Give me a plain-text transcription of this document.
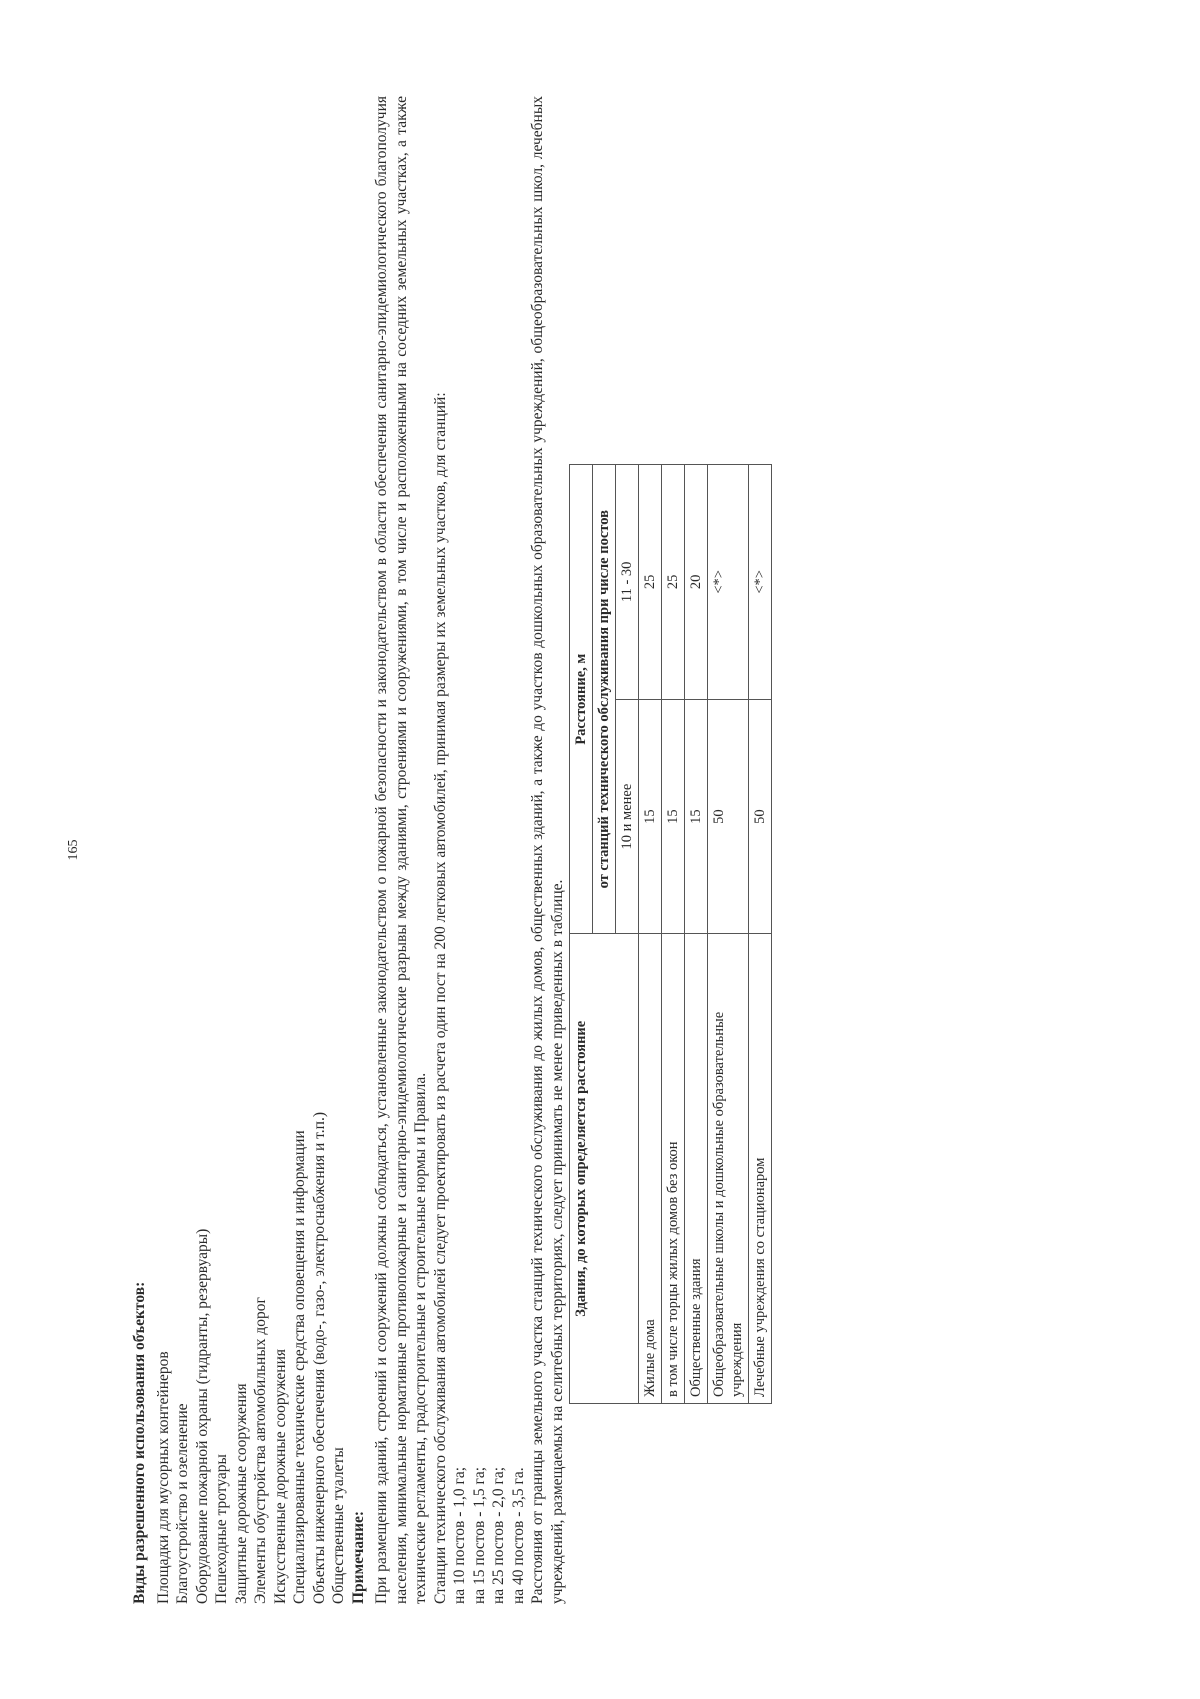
165
Виды разрешенного использования объектов: Площадки для мусорных контейнеров Благоустройство и озеленение Оборудование пожарной охраны (гидранты, резервуары) Пешеходные тротуары Защитные дорожные сооружения Элементы обустройства автомобильных дорог Искусственные дорожные сооружения Специализированные технические средства оповещения и информации Объекты инженерного обеспечения (водо-, газо-, электроснабжения и т.п.) Общественные туалеты Примечание: При размещении зданий, строений и сооружений должны соблюдаться, установленные законодательством о пожарной безопасности и законодательством в области обеспечения санитарно-эпидемиологического благополучия населения, минимальные нормативные противопожарные и санитарно-эпидемиологические разрывы между зданиями, строениями и сооружениями, в том числе и расположенными на соседних земельных участках, а также технические регламенты, градостроительные и строительные нормы и Правила. Станции технического обслуживания автомобилей следует проектировать из расчета один пост на 200 легковых автомобилей, принимая размеры их земельных участков, для станций: на 10 постов - 1,0 га; на 15 постов - 1,5 га; на 25 постов - 2,0 га; на 40 постов - 3,5 га. Расстояния от границы земельного участка станций технического обслуживания до жилых домов, общественных зданий, а также до участков дошкольных образовательных учреждений, общеобразовательных школ, лечебных учреждений, размещаемых на селитебных территориях, следует принимать не менее приведенных в таблице. Здания, до которых определяется расстояние	Расстояние, м	
	от станций технического обслуживания при числе постов	
	10 и менее	11 - 30
Жилые дома	15	25
в том числе торцы жилых домов без окон	15	25
Общественные здания	15	20
Общеобразовательные школы и дошкольные образовательные учреждения	50	<*>
Лечебные учреждения со стационаром	50	<*>
